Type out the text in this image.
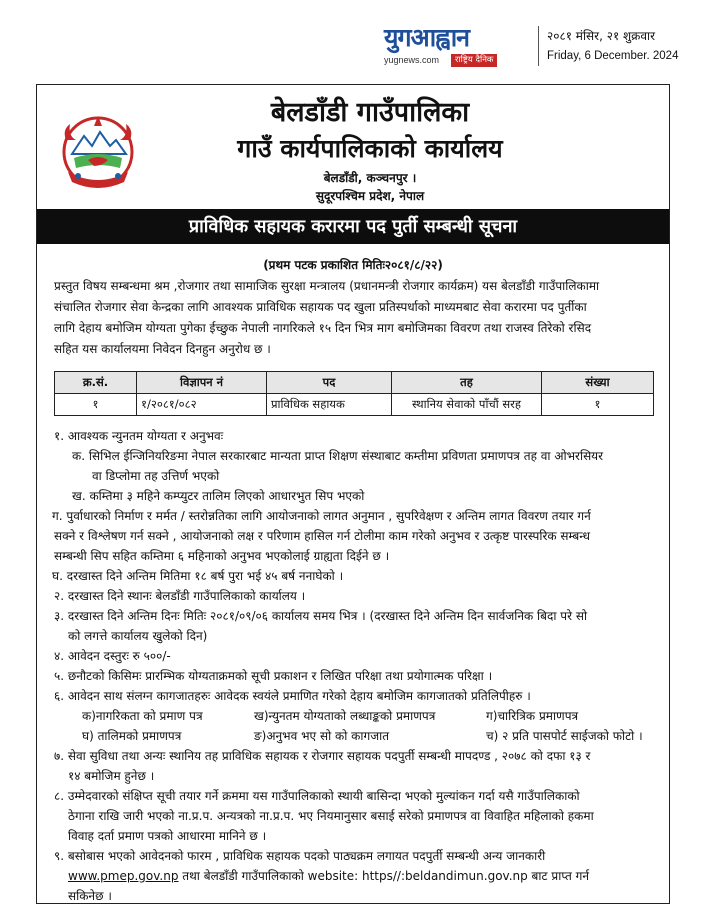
युगआह्वान
yugnews.com	राष्ट्रिय दैनिक
२०८१ मंसिर, २१ शुक्रवार
Friday, 6 December. 2024
बेलडाँडी गाउँपालिका
गाउँ कार्यपालिकाको कार्यालय
बेलडाँडी, कञ्चनपुर ।
सुदूरपश्चिम प्रदेश, नेपाल
प्राविधिक सहायक करारमा पद पुर्ती सम्बन्धी सूचना
(प्रथम पटक प्रकाशित मितिः२०८१/८/२२)
प्रस्तुत विषय सम्बन्धमा श्रम ,रोजगार तथा सामाजिक सुरक्षा मन्त्रालय (प्रधानमन्त्री रोजगार कार्यक्रम) यस बेलडाँडी गाउँपालिकामा
संचालित रोजगार सेवा केन्द्रका लागि आवश्यक प्राविधिक सहायक पद खुला प्रतिस्पर्धाको माध्यमबाट सेवा करारमा पद पुर्तीका
लागि देहाय बमोजिम योग्यता पुगेका ईच्छुक नेपाली नागरिकले १५ दिन भित्र माग बमोजिमका विवरण तथा राजस्व तिरेको रसिद
सहित यस कार्यालयमा निवेदन दिनहुन अनुरोध छ ।
क्र.सं.	विज्ञापन नं	पद	तह	संख्या
१	१/२०८१/०८२	प्राविधिक सहायक	स्थानिय सेवाको पाँचौं सरह	१
१. आवश्यक न्युनतम योग्यता र अनुभवः
क. सिभिल ईन्जिनियरिङमा नेपाल सरकारबाट मान्यता प्राप्त शिक्षण संस्थाबाट कम्तीमा प्रविणता प्रमाणपत्र तह वा ओभरसियर
वा डिप्लोमा तह उत्तिर्ण भएको
ख. कम्तिमा ३ महिने कम्प्युटर तालिम लिएको आधारभुत सिप भएको
ग. पुर्वाधारको निर्माण र मर्मत / स्तरोन्नतिका लागि आयोजनाको लागत अनुमान , सुपरिवेक्षण र अन्तिम लागत विवरण तयार गर्न
सक्ने र विश्लेषण गर्न सक्ने , आयोजनाको लक्ष र परिणाम हासिल गर्न टोलीमा काम गरेको अनुभव र उत्कृष्ट पारस्परिक सम्बन्ध
सम्बन्धी सिप सहित कम्तिमा ६ महिनाको अनुभव भएकोलाई ग्राह्यता दिईने छ ।
घ. दरखास्त दिने अन्तिम मितिमा १८ बर्ष पुरा भई ४५ बर्ष ननाघेको ।
२. दरखास्त दिने स्थानः बेलडाँडी गाउँपालिकाको कार्यालय ।
३. दरखास्त दिने अन्तिम दिनः मितिः २०८१/०९/०६ कार्यालय समय भित्र । (दरखास्त दिने अन्तिम दिन सार्वजनिक बिदा परे सो
को लगत्ते कार्यालय खुलेको दिन)
४. आवेदन दस्तुरः रु ५००/-
५. छनौटको किसिमः प्रारम्भिक योग्यताक्रमको सूची प्रकाशन र लिखित परिक्षा तथा प्रयोगात्मक परिक्षा ।
६. आवेदन साथ संलग्न कागजातहरुः आवेदक स्वयंले प्रमाणित गरेको देहाय बमोजिम कागजातको प्रतिलिपीहरु ।
क)नागरिकता को प्रमाण पत्र	ख)न्युनतम योग्यताको लब्धाङ्कको प्रमाणपत्र	ग)चारित्रिक प्रमाणपत्र
घ) तालिमको प्रमाणपत्र	ङ)अनुभव भए सो को कागजात	च) २ प्रति पासपोर्ट साईजको फोटो ।
७. सेवा सुविधा तथा अन्यः स्थानिय तह प्राविधिक सहायक र रोजगार सहायक पदपुर्ती सम्बन्धी मापदण्ड , २०७८ को दफा १३ र
१४ बमोजिम हुनेछ ।
८. उम्मेदवारको संक्षिप्त सूची तयार गर्ने क्रममा यस गाउँपालिकाको स्थायी बासिन्दा भएको मुल्यांकन गर्दा यसै गाउँपालिकाको
ठेगाना राखि जारी भएको ना.प्र.प. अन्यत्रको ना.प्र.प. भए नियमानुसार बसाई सरेको प्रमाणपत्र वा विवाहित महिलाको हकमा
विवाह दर्ता प्रमाण पत्रको आधारमा मानिने छ ।
९. बसोबास भएको आवेदनको फारम , प्राविधिक सहायक पदको पाठ्यक्रम लगायत पदपुर्ती सम्बन्धी अन्य जानकारी
www.pmep.gov.np तथा बेलडाँडी गाउँपालिकाको website: https//:beldandimun.gov.np बाट प्राप्त गर्न
सकिनेछ ।
